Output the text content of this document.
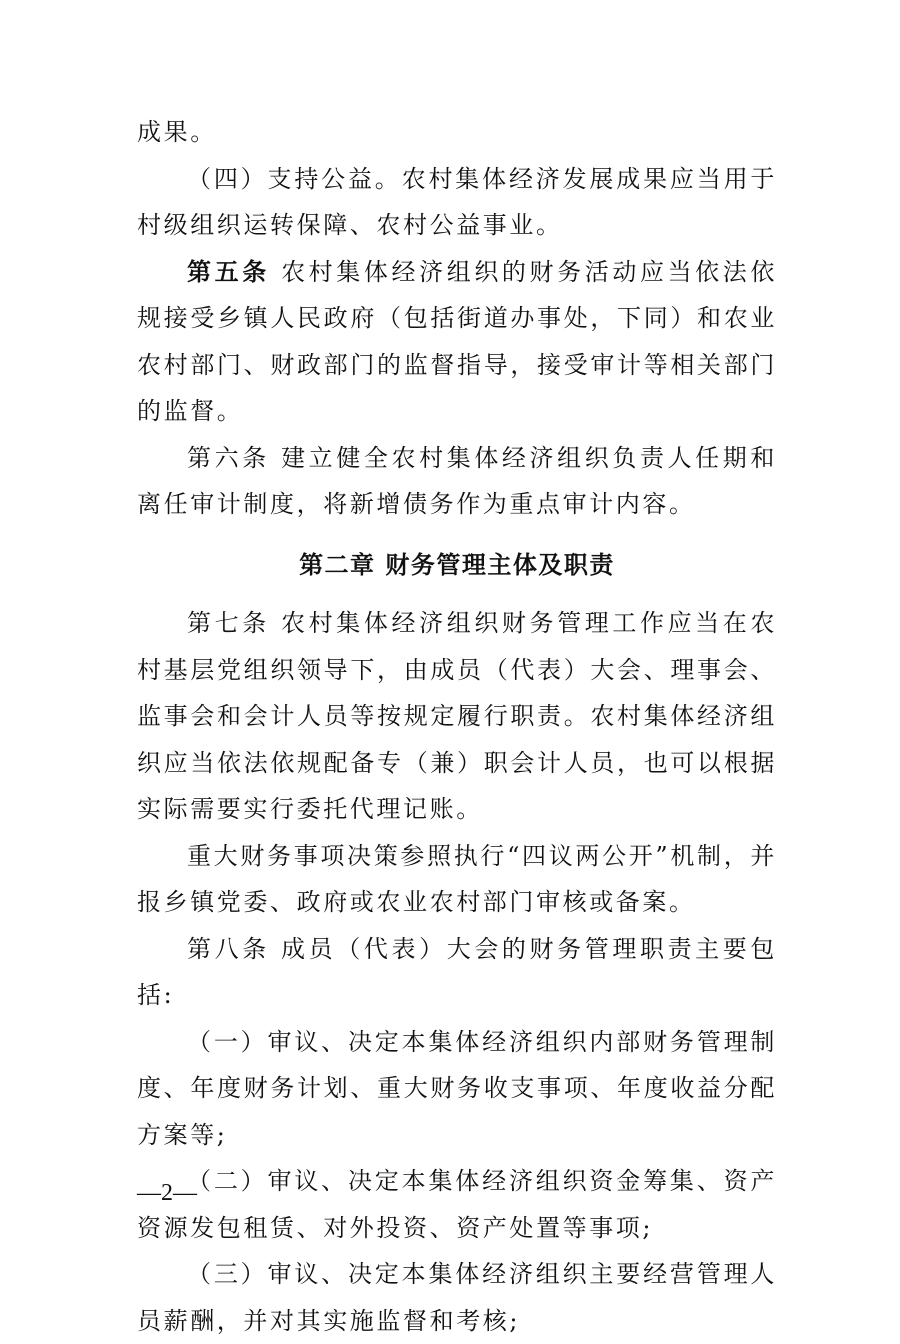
成果。

（四）支持公益。农村集体经济发展成果应当用于村级组织运转保障、农村公益事业。

第五条 农村集体经济组织的财务活动应当依法依规接受乡镇人民政府（包括街道办事处，下同）和农业农村部门、财政部门的监督指导，接受审计等相关部门的监督。

第六条 建立健全农村集体经济组织负责人任期和离任审计制度，将新增债务作为重点审计内容。

第二章 财务管理主体及职责

第七条 农村集体经济组织财务管理工作应当在农村基层党组织领导下，由成员（代表）大会、理事会、监事会和会计人员等按规定履行职责。农村集体经济组织应当依法依规配备专（兼）职会计人员，也可以根据实际需要实行委托代理记账。

重大财务事项决策参照执行“四议两公开”机制，并报乡镇党委、政府或农业农村部门审核或备案。

第八条 成员（代表）大会的财务管理职责主要包括:

（一）审议、决定本集体经济组织内部财务管理制度、年度财务计划、重大财务收支事项、年度收益分配方案等;

（二）审议、决定本集体经济组织资金筹集、资产资源发包租赁、对外投资、资产处置等事项;

（三）审议、决定本集体经济组织主要经营管理人员薪酬，并对其实施监督和考核;

—2—
